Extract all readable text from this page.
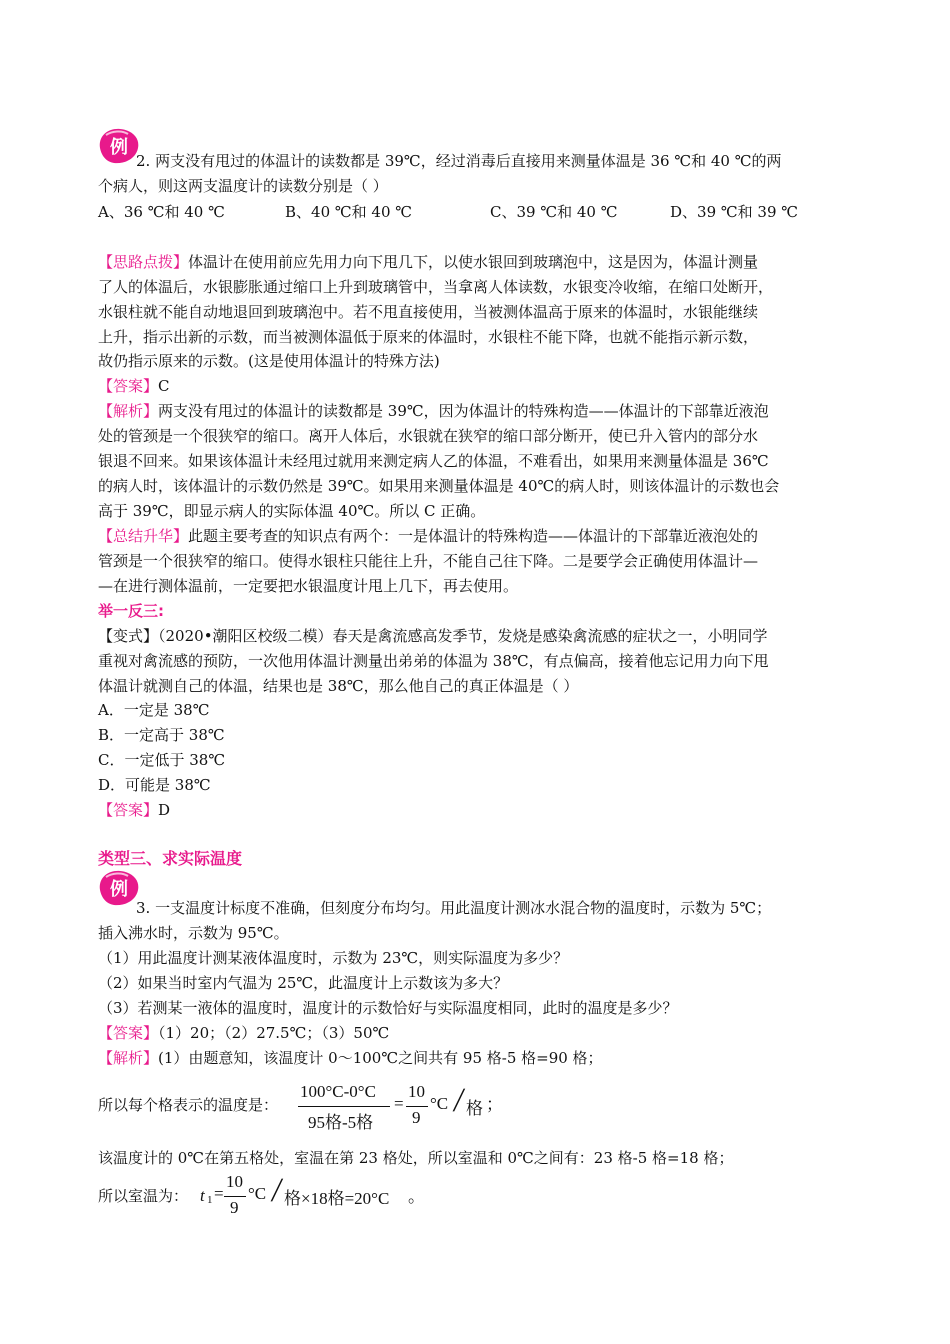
例
2. 两支没有甩过的体温计的读数都是 39℃，经过消毒后直接用来测量体温是 36 ℃和 40 ℃的两
个病人，则这两支温度计的读数分别是（ ）
A、36 ℃和 40 ℃	B、40 ℃和 40 ℃	C、39 ℃和 40 ℃	D、39 ℃和 39 ℃
【思路点拨】体温计在使用前应先用力向下甩几下，以使水银回到玻璃泡中，这是因为，体温计测量
了人的体温后，水银膨胀通过缩口上升到玻璃管中，当拿离人体读数，水银变冷收缩，在缩口处断开，
水银柱就不能自动地退回到玻璃泡中。若不甩直接使用，当被测体温高于原来的体温时，水银能继续
上升，指示出新的示数，而当被测体温低于原来的体温时，水银柱不能下降，也就不能指示新示数，
故仍指示原来的示数。(这是使用体温计的特殊方法)
【答案】C
【解析】两支没有甩过的体温计的读数都是 39℃，因为体温计的特殊构造——体温计的下部靠近液泡
处的管颈是一个很狭窄的缩口。离开人体后，水银就在狭窄的缩口部分断开，使已升入管内的部分水
银退不回来。如果该体温计未经甩过就用来测定病人乙的体温，不难看出，如果用来测量体温是 36℃
的病人时，该体温计的示数仍然是 39℃。如果用来测量体温是 40℃的病人时，则该体温计的示数也会
高于 39℃，即显示病人的实际体温 40℃。所以 C 正确。
【总结升华】此题主要考查的知识点有两个：一是体温计的特殊构造——体温计的下部靠近液泡处的
管颈是一个很狭窄的缩口。使得水银柱只能往上升，不能自己往下降。二是要学会正确使用体温计—
—在进行测体温前，一定要把水银温度计甩上几下，再去使用。
举一反三:
【变式】（2020•潮阳区校级二模）春天是禽流感高发季节，发烧是感染禽流感的症状之一，小明同学
重视对禽流感的预防，一次他用体温计测量出弟弟的体温为 38℃，有点偏高，接着他忘记用力向下甩
体温计就测自己的体温，结果也是 38℃，那么他自己的真正体温是（ ）
A．一定是 38℃
B．一定高于 38℃
C．一定低于 38℃
D．可能是 38℃
【答案】D
类型三、求实际温度
例
3. 一支温度计标度不准确，但刻度分布均匀。用此温度计测冰水混合物的温度时，示数为 5℃；
插入沸水时，示数为 95℃。
（1）用此温度计测某液体温度时，示数为 23℃，则实际温度为多少？
（2）如果当时室内气温为 25℃，此温度计上示数该为多大？
（3）若测某一液体的温度时，温度计的示数恰好与实际温度相同，此时的温度是多少？
【答案】（1）20；（2）27.5℃；（3）50℃
【解析】(1）由题意知，该温度计 0～100℃之间共有 95 格-5 格=90 格；
所以每个格表示的温度是：
100°C-0°C
95格-5格
=
10
9
°C / 格 ；
该温度计的 0℃在第五格处，室温在第 23 格处，所以室温和 0℃之间有：23 格-5 格=18 格；
所以室温为： t 1 =
10
9
°C / 格×18格=20°C 。
